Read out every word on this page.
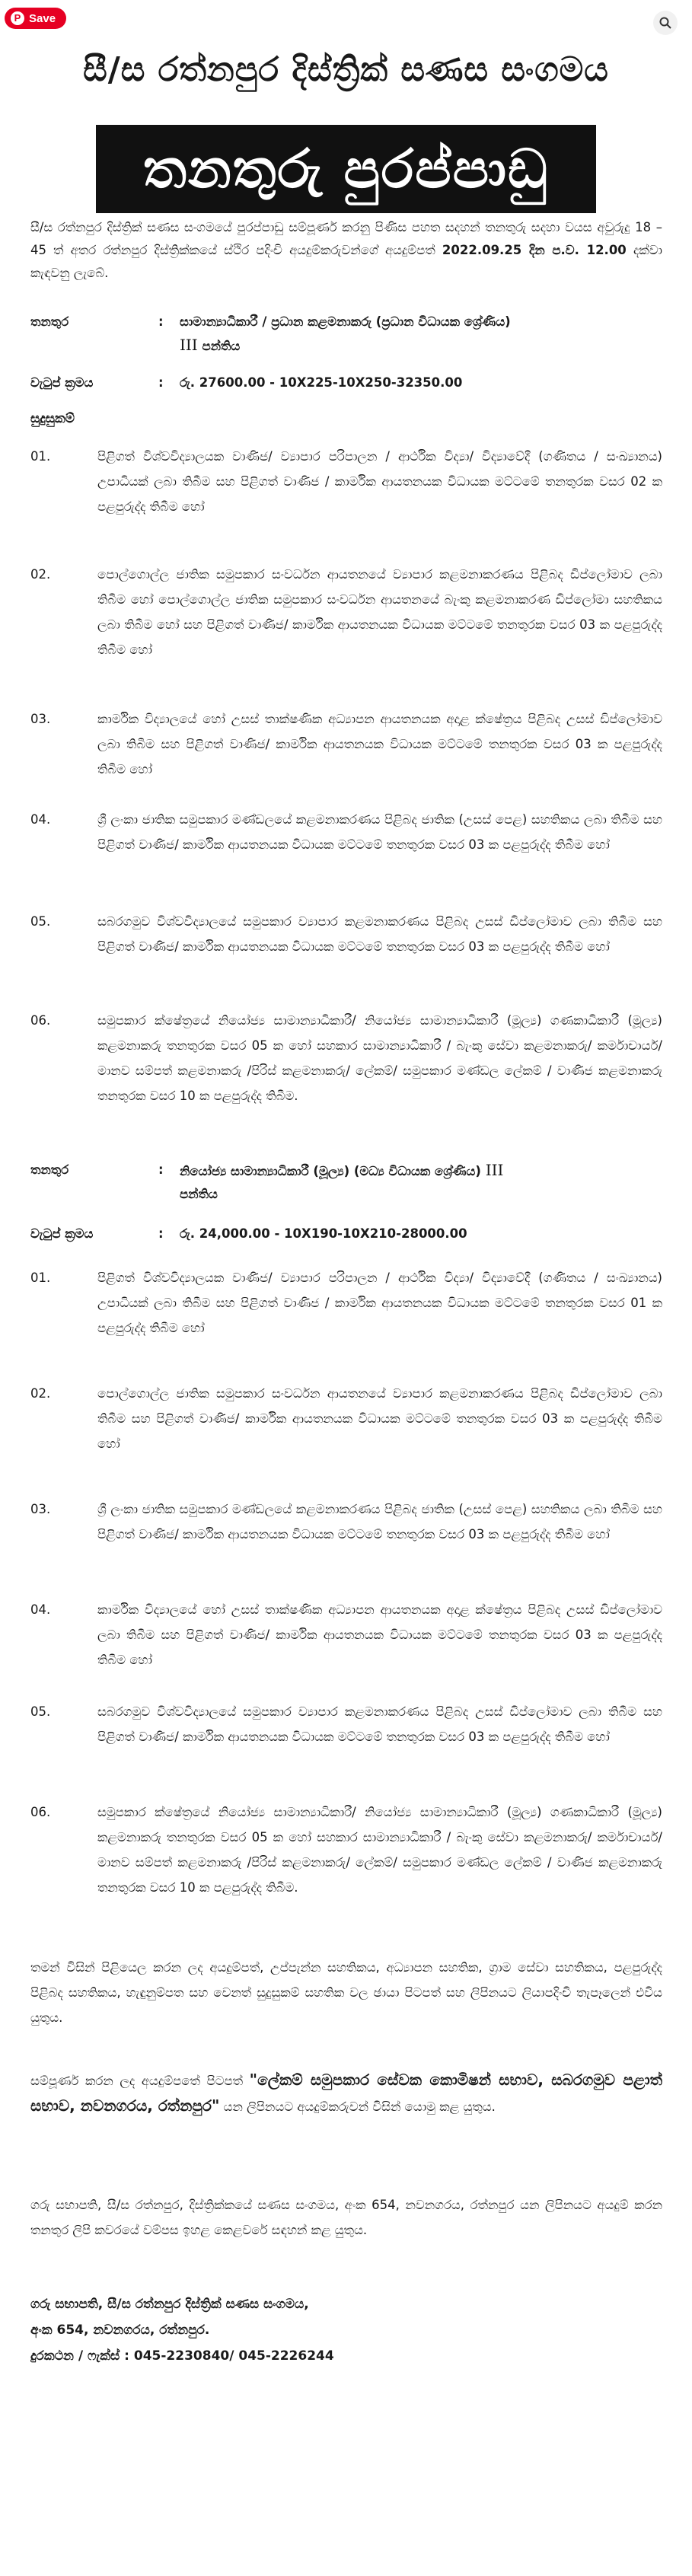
P Save
සී/ස රත්නපුර දිස්ත්‍රික් සණස සංගමය
තනතුරු පුරප්පාඩු
සී/ස රත්නපුර දිස්ත්‍රික් සණස සංගමයේ පුරප්පාඩු සම්පූර්ණ කරනු පිණිස පහත සදහන් තනතුරු සදහා වයස අවුරුදු 18 – 45 ත් අතර රත්නපුර දිස්ත්‍රික්කයේ ස්ථිර පදිංචි අයදුම්කරුවන්ගේ අයදුම්පත් 2022.09.25 දින ප.ව. 12.00 දක්වා කැඳවනු ලැබේ.
තනතුර	: සාමාන්‍යාධිකාරී / ප්‍රධාන කළමනාකරු (ප්‍රධාන විධායක ශ්‍රේණිය)
III පන්තිය
වැටුප් ක්‍රමය	: රු. 27600.00 - 10X225-10X250-32350.00
සුදුසුකම්
01.	පිළිගත් විශ්වවිද්‍යාලයක වාණිජ/ ව්‍යාපාර පරිපාලන / ආර්ථික විද්‍යා/ විද්‍යාවේදී (ගණිතය / සංඛ්‍යානය) උපාධියක් ලබා තිබීම සහ පිළිගත් වාණිජ / කාර්මික ආයතනයක විධායක මට්ටමේ තනතුරක වසර 02 ක පළපුරුද්ද තිබීම හෝ
02.	පොල්ගොල්ල ජාතික සමුපකාර සංවර්ධන ආයතනයේ ව්‍යාපාර කළමනාකරණය පිළිබද ඩිප්ලෝමාව ලබා තිබීම හෝ පොල්ගොල්ල ජාතික සමුපකාර සංවර්ධන ආයතනයේ බැංකු කළමනාකරණ ඩිප්ලෝමා සහතිකය ලබා තිබීම හෝ සහ පිළිගත් වාණිජ/ කාර්මික ආයතනයක විධායක මට්ටමේ තනතුරක වසර 03 ක පළපුරුද්ද තිබීම හෝ
03.	කාර්මික විද්‍යාලයේ හෝ උසස් තාක්ෂණික අධ්‍යාපන ආයතනයක අදාළ ක්ෂේත්‍රය පිළිබද උසස් ඩිප්ලෝමාව ලබා තිබීම සහ පිළිගත් වාණිජ/ කාර්මික ආයතනයක විධායක මට්ටමේ තනතුරක වසර 03 ක පළපුරුද්ද තිබීම හෝ
04.	ශ්‍රී ලංකා ජාතික සමුපකාර මණ්ඩලයේ කළමනාකරණය පිළිබද ජාතික (උසස් පෙළ) සහතිකය ලබා තිබීම සහ පිළිගත් වාණිජ/ කාර්මික ආයතනයක විධායක මට්ටමේ තනතුරක වසර 03 ක පළපුරුද්ද තිබීම හෝ
05.	සබරගමුව විශ්වවිද්‍යාලයේ සමුපකාර ව්‍යාපාර කළමනාකරණය පිළිබද උසස් ඩිප්ලෝමාව ලබා තිබීම සහ පිළිගත් වාණිජ/ කාර්මික ආයතනයක විධායක මට්ටමේ තනතුරක වසර 03 ක පළපුරුද්ද තිබීම හෝ
06.	සමුපකාර ක්ෂේත්‍රයේ නියෝජ්‍ය සාමාන්‍යාධිකාරී/ නියෝජ්‍ය සාමාන්‍යාධිකාරී (මූල්‍ය) ගණකාධිකාරී (මූල්‍ය) කළමනාකරු තනතුරක වසර 05 ක හෝ සහකාර සාමාන්‍යාධිකාරී / බැංකු සේවා කළමනාකරු/ කර්මාචාර්ය/ මානව සම්පත් කළමනාකරු /පිරිස් කළමනාකරු/ ලේකම්/ සමුපකාර මණ්ඩල ලේකම් / වාණිජ කළමනාකරු තනතුරක වසර 10 ක පළපුරුද්ද තිබීම.
තනතුර	: නියෝජ්‍ය සාමාන්‍යාධිකාරී (මූල්‍ය) (මධ්‍ය විධායක ශ්‍රේණිය) III
පන්තිය
වැටුප් ක්‍රමය	: රු. 24,000.00 - 10X190-10X210-28000.00
01.	පිළිගත් විශ්වවිද්‍යාලයක වාණිජ/ ව්‍යාපාර පරිපාලන / ආර්ථික විද්‍යා/ විද්‍යාවේදී (ගණිතය / සංඛ්‍යානය) උපාධියක් ලබා තිබීම සහ පිළිගත් වාණිජ / කාර්මික ආයතනයක විධායක මට්ටමේ තනතුරක වසර 01 ක පළපුරුද්ද තිබීම හෝ
02.	පොල්ගොල්ල ජාතික සමුපකාර සංවර්ධන ආයතනයේ ව්‍යාපාර කළමනාකරණය පිළිබද ඩිප්ලෝමාව ලබා තිබීම සහ පිළිගත් වාණිජ/ කාර්මික ආයතනයක විධායක මට්ටමේ තනතුරක වසර 03 ක පළපුරුද්ද තිබීම හෝ
03.	ශ්‍රී ලංකා ජාතික සමුපකාර මණ්ඩලයේ කළමනාකරණය පිළිබද ජාතික (උසස් පෙළ) සහතිකය ලබා තිබීම සහ පිළිගත් වාණිජ/ කාර්මික ආයතනයක විධායක මට්ටමේ තනතුරක වසර 03 ක පළපුරුද්ද තිබීම හෝ
04.	කාර්මික විද්‍යාලයේ හෝ උසස් තාක්ෂණික අධ්‍යාපන ආයතනයක අදාළ ක්ෂේත්‍රය පිළිබද උසස් ඩිප්ලෝමාව ලබා තිබීම සහ පිළිගත් වාණිජ/ කාර්මික ආයතනයක විධායක මට්ටමේ තනතුරක වසර 03 ක පළපුරුද්ද තිබීම හෝ
05.	සබරගමුව විශ්වවිද්‍යාලයේ සමුපකාර ව්‍යාපාර කළමනාකරණය පිළිබද උසස් ඩිප්ලෝමාව ලබා තිබීම සහ පිළිගත් වාණිජ/ කාර්මික ආයතනයක විධායක මට්ටමේ තනතුරක වසර 03 ක පළපුරුද්ද තිබීම හෝ
06.	සමුපකාර ක්ෂේත්‍රයේ නියෝජ්‍ය සාමාන්‍යාධිකාරී/ නියෝජ්‍ය සාමාන්‍යාධිකාරී (මූල්‍ය) ගණකාධිකාරී (මූල්‍ය) කළමනාකරු තනතුරක වසර 05 ක හෝ සහකාර සාමාන්‍යාධිකාරී / බැංකු සේවා කළමනාකරු/ කර්මාචාර්ය/ මානව සම්පත් කළමනාකරු /පිරිස් කළමනාකරු/ ලේකම්/ සමුපකාර මණ්ඩල ලේකම් / වාණිජ කළමනාකරු තනතුරක වසර 10 ක පළපුරුද්ද තිබීම.
තමන් විසින් පිළියෙල කරන ලද අයදුම්පත්, උප්පැන්න සහතිකය, අධ්‍යාපන සහතික, ග්‍රාම සේවා සහතිකය, පළපුරුද්ද පිළිබද සහතිකය, හැඳුනුම්පත සහ වෙනත් සුදුසුකම් සහතික වල ඡායා පිටපත් සහ ලිපිනයට ලියාපදිංචි තැපෑලෙන් එවිය යුතුය.
සම්පූර්ණ කරන ලද අයදුම්පතේ පිටපත් "ලේකම් සමුපකාර සේවක කොමිෂන් සභාව, සබරගමුව පළාත් සභාව, නවනගරය, රත්නපුර" යන ලිපිනයට අයදුම්කරුවන් විසින් යොමු කළ යුතුය.
ගරු සභාපති, සී/ස රත්නපුර, දිස්ත්‍රික්කයේ සණස සංගමය, අංක 654, නවනගරය, රත්නපුර යන ලිපිනයට අයදුම් කරන තනතුර ලිපි කවරයේ වම්පස ඉහළ කෙළවරේ සඳහන් කළ යුතුය.
ගරු සභාපති, සී/ස රත්නපුර දිස්ත්‍රික් සණස සංගමය,
අංක 654, නවනගරය, රත්නපුර.
දුරකථන / ෆැක්ස් : 045-2230840/ 045-2226244
